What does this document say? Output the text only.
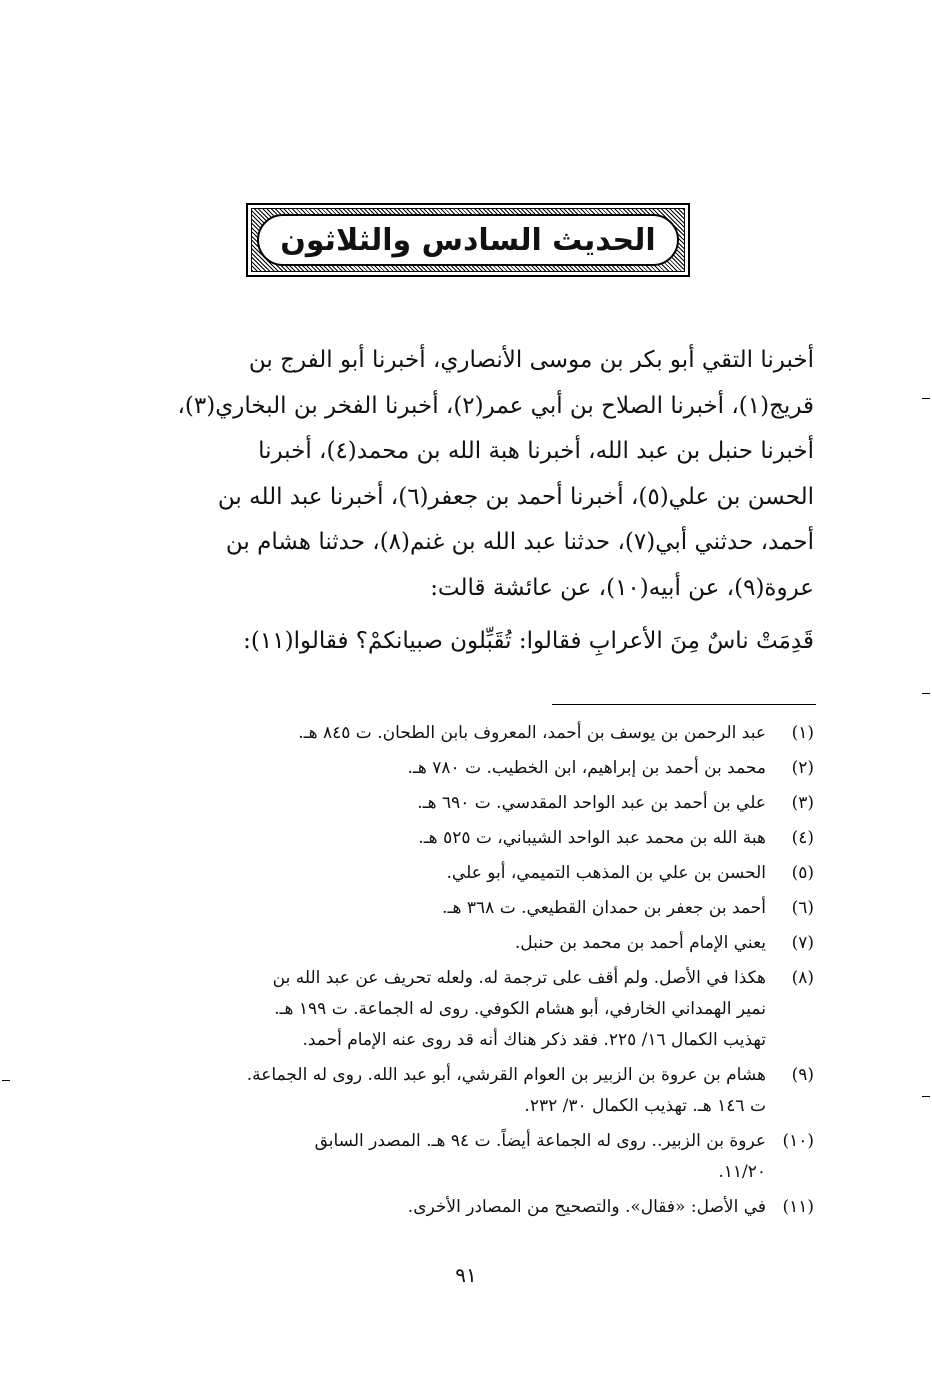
الحديث السادس والثلاثون
أخبرنا التقي أبو بكر بن موسى الأنصاري، أخبرنا أبو الفرج بن
قريج(١)، أخبرنا الصلاح بن أبي عمر(٢)، أخبرنا الفخر بن البخاري(٣)،
أخبرنا حنبل بن عبد الله، أخبرنا هبة الله بن محمد(٤)، أخبرنا
الحسن بن علي(٥)، أخبرنا أحمد بن جعفر(٦)، أخبرنا عبد الله بن
أحمد، حدثني أبي(٧)، حدثنا عبد الله بن غنم(٨)، حدثنا هشام بن
عروة(٩)، عن أبيه(١٠)، عن عائشة قالت:
قَدِمَتْ ناسٌ مِنَ الأعرابِ فقالوا: تُقَبِّلون صبيانكمْ؟ فقالوا(١١):
(١)
عبد الرحمن بن يوسف بن أحمد، المعروف بابن الطحان. ت ٨٤٥ هـ.
(٢)
محمد بن أحمد بن إبراهيم، ابن الخطيب. ت ٧٨٠ هـ.
(٣)
علي بن أحمد بن عبد الواحد المقدسي. ت ٦٩٠ هـ.
(٤)
هبة الله بن محمد عبد الواحد الشيباني، ت ٥٢٥ هـ.
(٥)
الحسن بن علي بن المذهب التميمي، أبو علي.
(٦)
أحمد بن جعفر بن حمدان القطيعي. ت ٣٦٨ هـ.
(٧)
يعني الإمام أحمد بن محمد بن حنبل.
(٨)
هكذا في الأصل. ولم أقف على ترجمة له. ولعله تحريف عن عبد الله بن
نمير الهمداني الخارفي، أبو هشام الكوفي. روى له الجماعة. ت ١٩٩ هـ.
تهذيب الكمال ١٦/ ٢٢٥. فقد ذكر هناك أنه قد روى عنه الإمام أحمد.
(٩)
هشام بن عروة بن الزبير بن العوام القرشي، أبو عبد الله. روى له الجماعة.
ت ١٤٦ هـ. تهذيب الكمال ٣٠/ ٢٣٢.
(١٠)
عروة بن الزبير.. روى له الجماعة أيضاً. ت ٩٤ هـ. المصدر السابق
١١/٢٠.
(١١)
في الأصل: «فقال». والتصحيح من المصادر الأخرى.
٩١
